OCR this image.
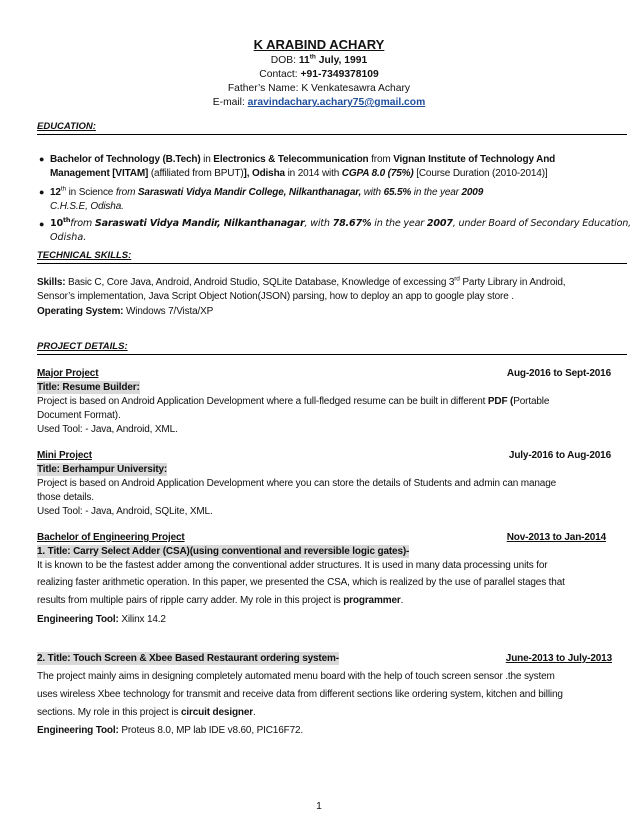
K ARABIND ACHARY
DOB: 11th July, 1991
Contact: +91-7349378109
Father’s Name: K Venkatesawra Achary
E-mail: aravindachary.achary75@gmail.com
EDUCATION:
● Bachelor of Technology (B.Tech) in Electronics & Telecommunication from Vignan Institute of Technology And
Management [VITAM] (affiliated from BPUT)], Odisha in 2014 with CGPA 8.0 (75%) [Course Duration (2010-2014)]
● 12th in Science from Saraswati Vidya Mandir College, Nilkanthanagar, with 65.5% in the year 2009
C.H.S.E, Odisha.
● 10thfrom Saraswati Vidya Mandir, Nilkanthanagar, with 78.67% in the year 2007, under Board of Secondary Education,
Odisha.
TECHNICAL SKILLS:
Skills: Basic C, Core Java, Android, Android Studio, SQLite Database, Knowledge of excessing 3rd Party Library in Android,
Sensor’s implementation, Java Script Object Notion(JSON) parsing, how to deploy an app to google play store .
Operating System: Windows 7/Vista/XP
PROJECT DETAILS:
Major Project	Aug-2016 to Sept-2016
Title: Resume Builder:
Project is based on Android Application Development where a full-fledged resume can be built in different PDF (Portable
Document Format).
Used Tool: - Java, Android, XML.
Mini Project	July-2016 to Aug-2016
Title: Berhampur University:
Project is based on Android Application Development where you can store the details of Students and admin can manage
those details.
Used Tool: - Java, Android, SQLite, XML.
Bachelor of Engineering Project	Nov-2013 to Jan-2014
1. Title: Carry Select Adder (CSA)(using conventional and reversible logic gates)-
It is known to be the fastest adder among the conventional adder structures. It is used in many data processing units for
realizing faster arithmetic operation. In this paper, we presented the CSA, which is realized by the use of parallel stages that
results from multiple pairs of ripple carry adder. My role in this project is programmer.
Engineering Tool: Xilinx 14.2
2. Title: Touch Screen & Xbee Based Restaurant ordering system-	June-2013 to July-2013
The project mainly aims in designing completely automated menu board with the help of touch screen sensor .the system
uses wireless Xbee technology for transmit and receive data from different sections like ordering system, kitchen and billing
sections. My role in this project is circuit designer.
Engineering Tool: Proteus 8.0, MP lab IDE v8.60, PIC16F72.
1
